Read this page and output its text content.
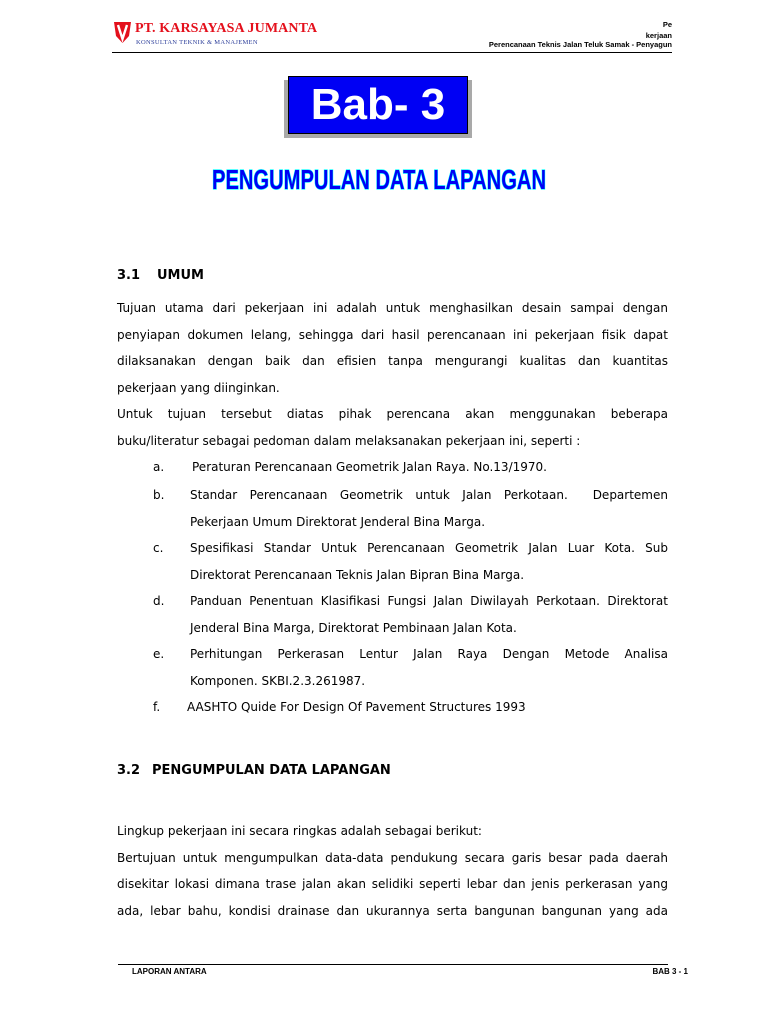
PT. KARSAYASA JUMANTA
KONSULTAN TEKNIK & MANAJEMEN
Pe
kerjaan
Perencanaan Teknis Jalan Teluk Samak - Penyagun
Bab- 3
PENGUMPULAN DATA LAPANGAN
3.1 UMUM
Tujuan utama dari pekerjaan ini adalah untuk menghasilkan desain sampai dengan
penyiapan dokumen lelang, sehingga dari hasil perencanaan ini pekerjaan fisik dapat
dilaksanakan dengan baik dan efisien tanpa mengurangi kualitas dan kuantitas
pekerjaan yang diinginkan.
Untuk tujuan tersebut diatas pihak perencana akan menggunakan beberapa
buku/literatur sebagai pedoman dalam melaksanakan pekerjaan ini, seperti :
a. Peraturan Perencanaan Geometrik Jalan Raya. No.13/1970.
b. Standar Perencanaan Geometrik untuk Jalan Perkotaan.  Departemen
Pekerjaan Umum Direktorat Jenderal Bina Marga.
c. Spesifikasi Standar Untuk Perencanaan Geometrik Jalan Luar Kota. Sub
Direktorat Perencanaan Teknis Jalan Bipran Bina Marga.
d. Panduan Penentuan Klasifikasi Fungsi Jalan Diwilayah Perkotaan. Direktorat
Jenderal Bina Marga, Direktorat Pembinaan Jalan Kota.
e. Perhitungan Perkerasan Lentur Jalan Raya Dengan Metode Analisa
Komponen. SKBI.2.3.261987.
f. AASHTO Quide For Design Of Pavement Structures 1993
3.2 PENGUMPULAN DATA LAPANGAN
Lingkup pekerjaan ini secara ringkas adalah sebagai berikut:
Bertujuan untuk mengumpulkan data-data pendukung secara garis besar pada daerah
disekitar lokasi dimana trase jalan akan selidiki seperti lebar dan jenis perkerasan yang
ada, lebar bahu, kondisi drainase dan ukurannya serta bangunan bangunan yang ada
LAPORAN ANTARA	BAB 3 - 1
